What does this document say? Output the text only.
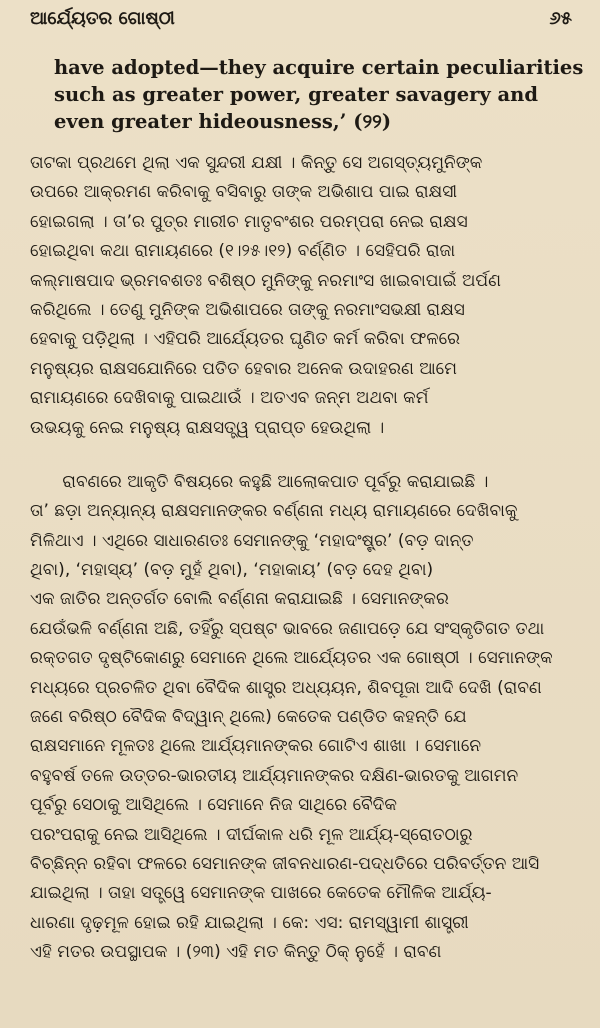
ଆର୍ଯ୍ୟେତର ଗୋଷ୍ଠୀ	୬୫
have adopted—they acquire certain peculiarities
such as greater power, greater savagery and
even greater hideousness,’ (୨୨)
ତାଟକା ପ୍ରଥମେ ଥିଲା ଏକ ସୁନ୍ଦରୀ ଯକ୍ଷୀ । କିନ୍ତୁ ସେ ଅଗସ୍ତ୍ୟମୁନିଙ୍କ
ଉପରେ ଆକ୍ରମଣ କରିବାକୁ ବସିବାରୁ ତାଙ୍କ ଅଭିଶାପ ପାଇ ରାକ୍ଷସୀ
ହୋଇଗଲା । ତା’ର ପୁତ୍ର ମାରୀଚ ମାତୃବଂଶର ପରମ୍ପରା ନେଇ ରାକ୍ଷସ
ହୋଇଥିବା କଥା ରାମାୟଣରେ (୧।୨୫।୧୨) ବର୍ଣ୍ଣିତ । ସେହିପରି ରାଜା
କଲ୍ମାଷପାଦ ଭ୍ରମବଶତଃ ବଶିଷ୍ଠ ମୁନିଙ୍କୁ ନରମାଂସ ଖାଇବାପାଇଁ ଅର୍ପଣ
କରିଥିଲେ । ତେଣୁ ମୁନିଙ୍କ ଅଭିଶାପରେ ତାଙ୍କୁ ନରମାଂସଭକ୍ଷୀ ରାକ୍ଷସ
ହେବାକୁ ପଡ଼ିଥିଲା । ଏହିପରି ଆର୍ଯ୍ୟେତର ଘୃଣିତ କର୍ମ କରିବା ଫଳରେ
ମନୁଷ୍ୟର ରାକ୍ଷସଯୋନିରେ ପତିତ ହେବାର ଅନେକ ଉଦାହରଣ ଆମେ
ରାମାୟଣରେ ଦେଖିବାକୁ ପାଇଥାଉଁ । ଅତଏବ ଜନ୍ମ ଅଥବା କର୍ମ
ଉଭୟକୁ ନେଇ ମନୁଷ୍ୟ ରାକ୍ଷସତ୍ତ୍ୱ ପ୍ରାପ୍ତ ହେଉଥିଲା ।
ରାବଣରେ ଆକୃତି ବିଷୟରେ କହୁଛି ଆଲୋକପାତ ପୂର୍ବରୁ କରାଯାଇଛି ।
ତା’ ଛଡ଼ା ଅନ୍ୟାନ୍ୟ ରାକ୍ଷସମାନଙ୍କର ବର୍ଣ୍ଣନା ମଧ୍ୟ ରାମାୟଣରେ ଦେଖିବାକୁ
ମିଳିଥାଏ । ଏଥିରେ ସାଧାରଣତଃ ସେମାନଙ୍କୁ ‘ମହାଦଂଷ୍ଟ୍ର’ (ବଡ଼ ଦାନ୍ତ
ଥିବା), ‘ମହାସ୍ୟ’ (ବଡ଼ ମୁହଁ ଥିବା), ‘ମହାକାୟ’ (ବଡ଼ ଦେହ ଥିବା)
ଏକ ଜାତିର ଅନ୍ତର୍ଗତ ବୋଲି ବର୍ଣ୍ଣନା କରାଯାଇଛି । ସେମାନଙ୍କର
ଯେଉଁଭଳି ବର୍ଣ୍ଣନା ଅଛି, ତହିଁରୁ ସ୍ପଷ୍ଟ ଭାବରେ ଜଣାପଡ଼େ ଯେ ସଂସ୍କୃତିଗତ ତଥା
ରକ୍ତଗତ ଦୃଷ୍ଟିକୋଣରୁ ସେମାନେ ଥିଲେ ଆର୍ଯ୍ୟେତର ଏକ ଗୋଷ୍ଠୀ । ସେମାନଙ୍କ
ମଧ୍ୟରେ ପ୍ରଚଳିତ ଥିବା ବୈଦିକ ଶାସ୍ତ୍ର ଅଧ୍ୟୟନ, ଶିବପୂଜା ଆଦି ଦେଖି (ରାବଣ
ଜଣେ ବରିଷ୍ଠ ବୈଦିକ ବିଦ୍ୱାନ୍ ଥିଲେ) କେତେକ ପଣ୍ଡିତ କହନ୍ତି ଯେ
ରାକ୍ଷସମାନେ ମୂଳତଃ ଥିଲେ ଆର୍ଯ୍ୟମାନଙ୍କର ଗୋଟିଏ ଶାଖା । ସେମାନେ
ବହୁବର୍ଷ ତଳେ ଉତ୍ତର-ଭାରତୀୟ ଆର୍ଯ୍ୟମାନଙ୍କର ଦକ୍ଷିଣ-ଭାରତକୁ ଆଗମନ
ପୂର୍ବରୁ ସେଠାକୁ ଆସିଥିଲେ । ସେମାନେ ନିଜ ସାଥିରେ ବୈଦିକ
ପରଂପରାକୁ ନେଇ ଆସିଥିଲେ । ଦୀର୍ଘକାଳ ଧରି ମୂଳ ଆର୍ଯ୍ୟ-ସ୍ରୋତଠାରୁ
ବିଚ୍ଛିନ୍ନ ରହିବା ଫଳରେ ସେମାନଙ୍କ ଜୀବନଧାରଣ-ପଦ୍ଧତିରେ ପରିବର୍ତ୍ତନ ଆସି
ଯାଇଥିଲା । ତାହା ସତ୍ତ୍ୱେ ସେମାନଙ୍କ ପାଖରେ କେତେକ ମୌଳିକ ଆର୍ଯ୍ୟ-
ଧାରଣା ଦୃଢ଼ମୂଳ ହୋଇ ରହି ଯାଇଥିଲା । କେ: ଏସ: ରାମସ୍ୱାମୀ ଶାସ୍ତ୍ରୀ
ଏହି ମତର ଉପସ୍ଥାପକ । (୨୩) ଏହି ମତ କିନ୍ତୁ ଠିକ୍ ନୁହେଁ । ରାବଣ
